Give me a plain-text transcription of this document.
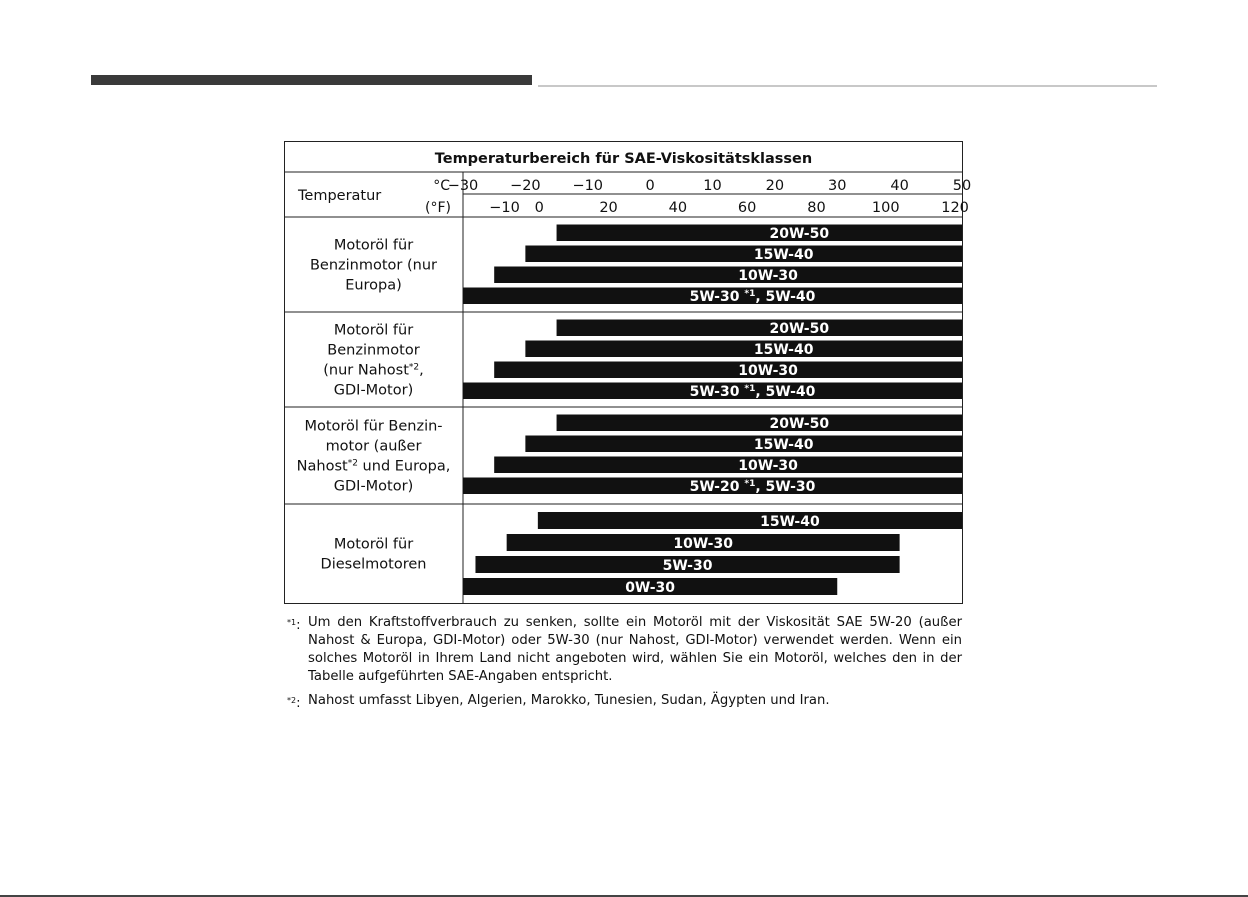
Temperaturbereich für SAE-Viskositätsklassen
Temperatur
°C
(°F)
−30 −20 −10	0	10	20	30	40	50
−10 0	20	40	60	80	100	120
Motoröl für
Benzinmotor (nur
Europa)
20W-50
15W-40
10W-30
5W-30 $^{*1}$, 5W-40
Motoröl für
Benzinmotor
(nur Nahost$^{*2}$,
GDI-Motor)
20W-50
15W-40
10W-30
5W-30 $^{*1}$, 5W-40
Motoröl für Benzin-
motor (außer
Nahost$^{*2}$ und Europa,
GDI-Motor)
20W-50
15W-40
10W-30
5W-20 $^{*1}$, 5W-30
Motoröl für
Dieselmotoren
15W-40
10W-30
5W-30
0W-30
$^{*1}$: Um den Kraftstoffverbrauch zu senken, sollte ein Motoröl mit der Viskosität SAE 5W-20 (außer Nahost & Europa, GDI-Motor) oder 5W-30 (nur Nahost, GDI-Motor) verwendet werden. Wenn ein solches Motoröl in Ihrem Land nicht angeboten wird, wählen Sie ein Motoröl, welches den in der Tabelle aufgeführten SAE-Angaben entspricht.
$^{*2}$: Nahost umfasst Libyen, Algerien, Marokko, Tunesien, Sudan, Ägypten und Iran.
